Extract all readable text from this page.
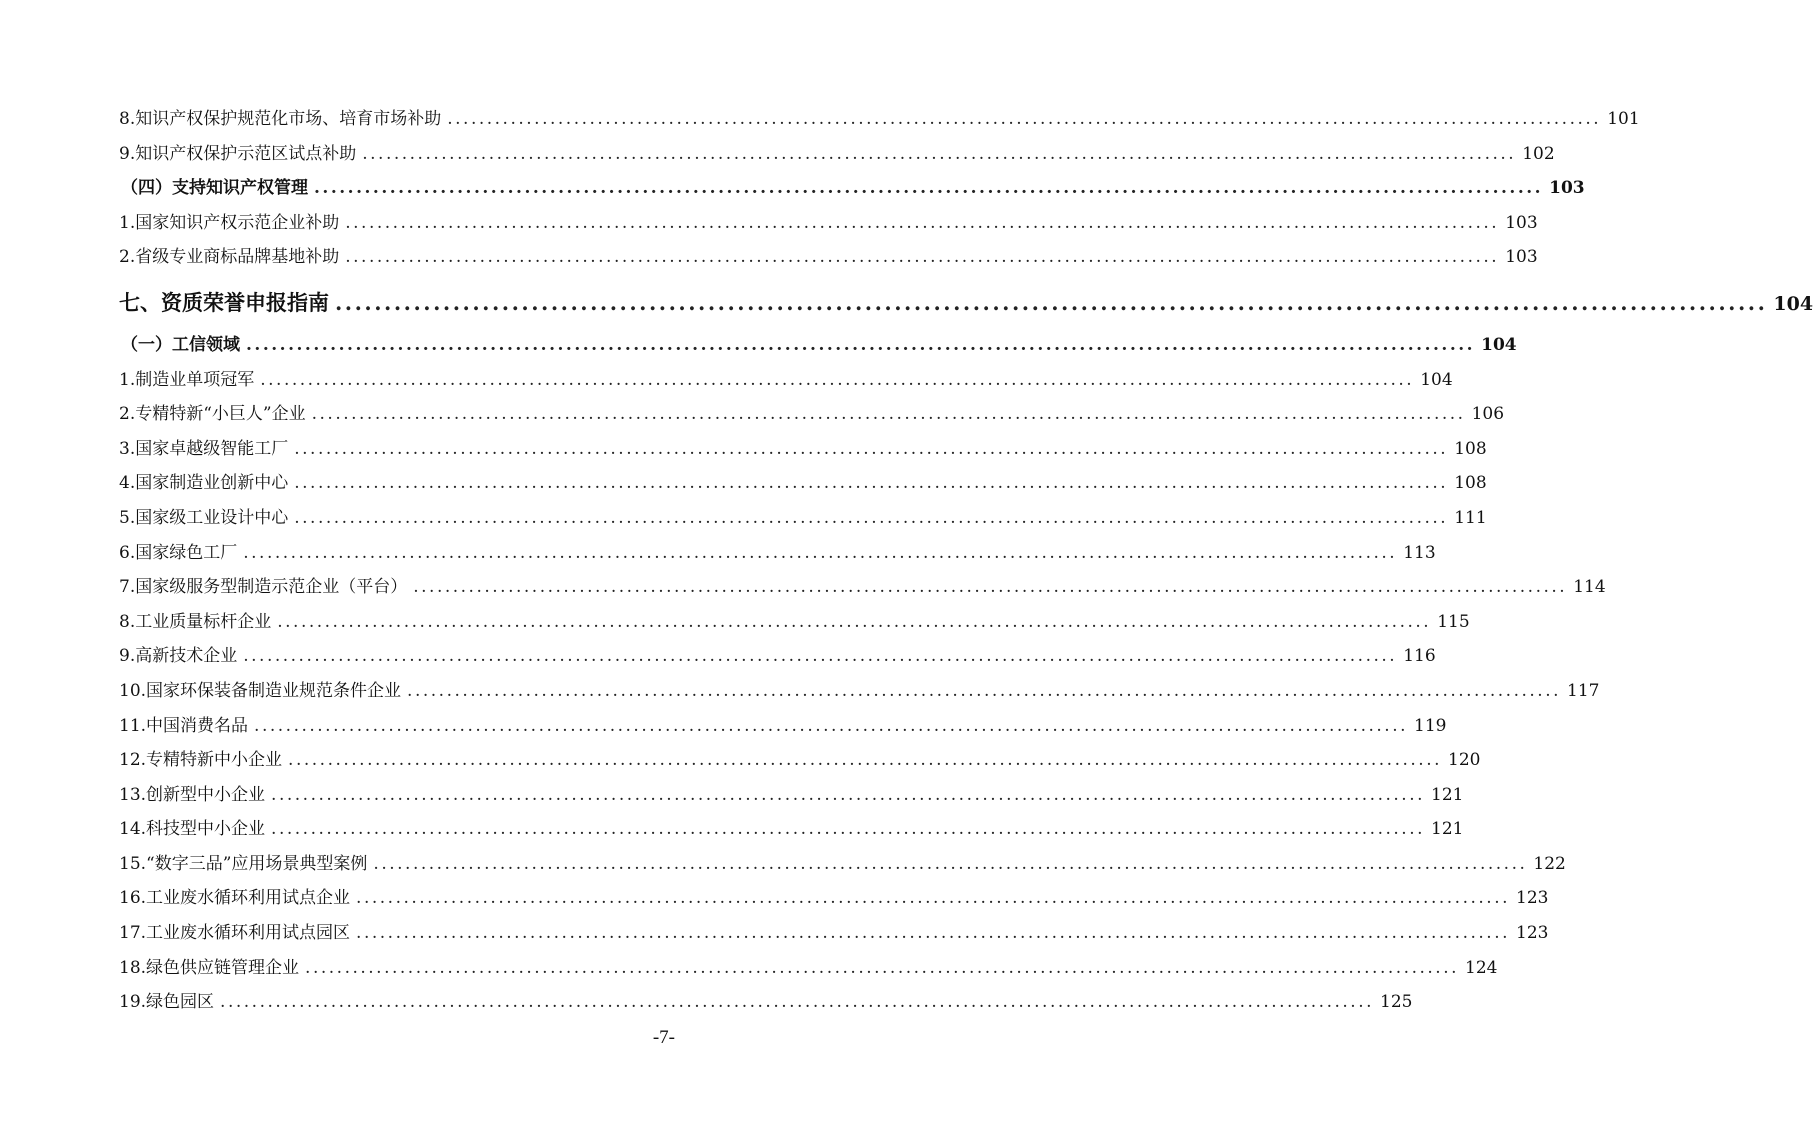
8.知识产权保护规范化市场、培育市场补助 .................................................................................................................................................. 101
9.知识产权保护示范区试点补助 .................................................................................................................................................. 102
（四）支持知识产权管理 .................................................................................................................................................. 103
1.国家知识产权示范企业补助 .................................................................................................................................................. 103
2.省级专业商标品牌基地补助 .................................................................................................................................................. 103
七、资质荣誉申报指南 .................................................................................................................................................. 104
（一）工信领域 .................................................................................................................................................. 104
1.制造业单项冠军 .................................................................................................................................................. 104
2.专精特新“小巨人”企业 .................................................................................................................................................. 106
3.国家卓越级智能工厂 .................................................................................................................................................. 108
4.国家制造业创新中心 .................................................................................................................................................. 108
5.国家级工业设计中心 .................................................................................................................................................. 111
6.国家绿色工厂 .................................................................................................................................................. 113
7.国家级服务型制造示范企业（平台） .................................................................................................................................................. 114
8.工业质量标杆企业 .................................................................................................................................................. 115
9.高新技术企业 .................................................................................................................................................. 116
10.国家环保装备制造业规范条件企业 .................................................................................................................................................. 117
11.中国消费名品 .................................................................................................................................................. 119
12.专精特新中小企业 .................................................................................................................................................. 120
13.创新型中小企业 .................................................................................................................................................. 121
14.科技型中小企业 .................................................................................................................................................. 121
15.“数字三品”应用场景典型案例 .................................................................................................................................................. 122
16.工业废水循环利用试点企业 .................................................................................................................................................. 123
17.工业废水循环利用试点园区 .................................................................................................................................................. 123
18.绿色供应链管理企业 .................................................................................................................................................. 124
19.绿色园区 .................................................................................................................................................. 125
-7-
